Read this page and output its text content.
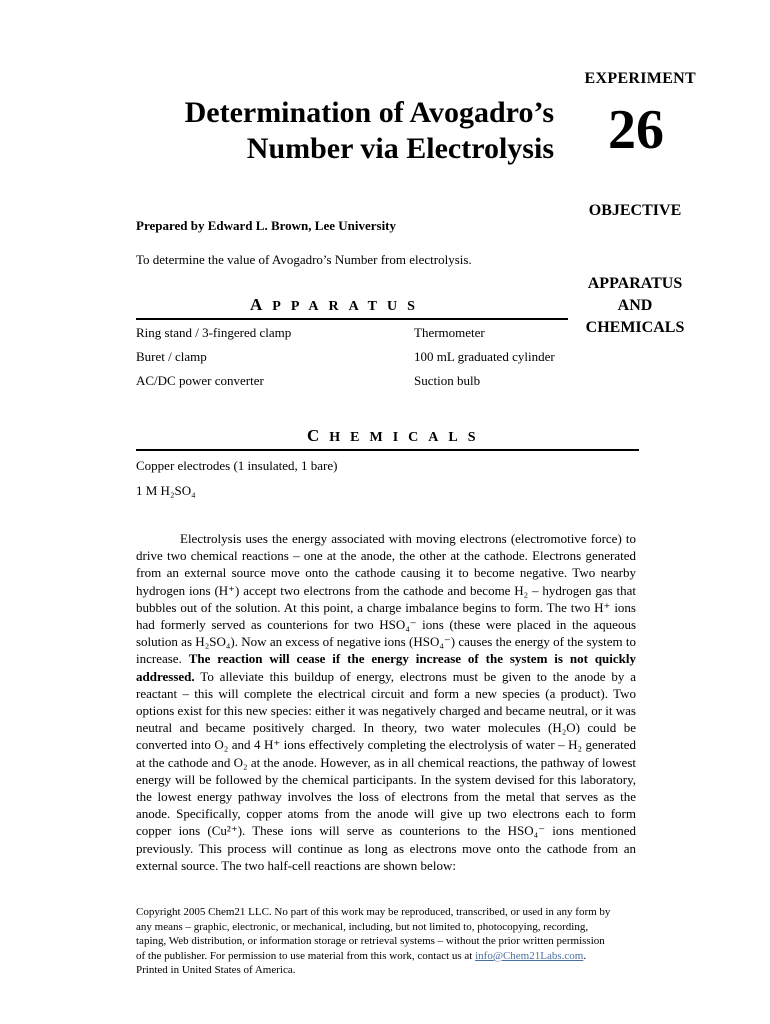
EXPERIMENT
26
Determination of Avogadro’s
Number via Electrolysis
OBJECTIVE
APPARATUS
AND
CHEMICALS
Prepared by Edward L. Brown, Lee University
To determine the value of Avogadro’s Number from electrolysis.
APPARATUS
Ring stand / 3-fingered clamp
Buret / clamp
AC/DC power converter
Thermometer
100 mL graduated cylinder
Suction bulb
CHEMICALS
Copper electrodes (1 insulated, 1 bare)
1 M H₂SO₄
Electrolysis uses the energy associated with moving electrons (electromotive force) to drive two chemical reactions – one at the anode, the other at the cathode. Electrons generated from an external source move onto the cathode causing it to become negative. Two nearby hydrogen ions (H⁺) accept two electrons from the cathode and become H₂ – hydrogen gas that bubbles out of the solution. At this point, a charge imbalance begins to form. The two H⁺ ions had formerly served as counterions for two HSO₄⁻ ions (these were placed in the aqueous solution as H₂SO₄). Now an excess of negative ions (HSO₄⁻) causes the energy of the system to increase. The reaction will cease if the energy increase of the system is not quickly addressed. To alleviate this buildup of energy, electrons must be given to the anode by a reactant – this will complete the electrical circuit and form a new species (a product). Two options exist for this new species: either it was negatively charged and became neutral, or it was neutral and became positively charged. In theory, two water molecules (H₂O) could be converted into O₂ and 4 H⁺ ions effectively completing the electrolysis of water – H₂ generated at the cathode and O₂ at the anode. However, as in all chemical reactions, the pathway of lowest energy will be followed by the chemical participants. In the system devised for this laboratory, the lowest energy pathway involves the loss of electrons from the metal that serves as the anode. Specifically, copper atoms from the anode will give up two electrons each to form copper ions (Cu²⁺). These ions will serve as counterions to the HSO₄⁻ ions mentioned previously. This process will continue as long as electrons move onto the cathode from an external source. The two half-cell reactions are shown below:
Copyright 2005 Chem21 LLC. No part of this work may be reproduced, transcribed, or used in any form by any means – graphic, electronic, or mechanical, including, but not limited to, photocopying, recording, taping, Web distribution, or information storage or retrieval systems – without the prior written permission of the publisher. For permission to use material from this work, contact us at info@Chem21Labs.com. Printed in United States of America.
